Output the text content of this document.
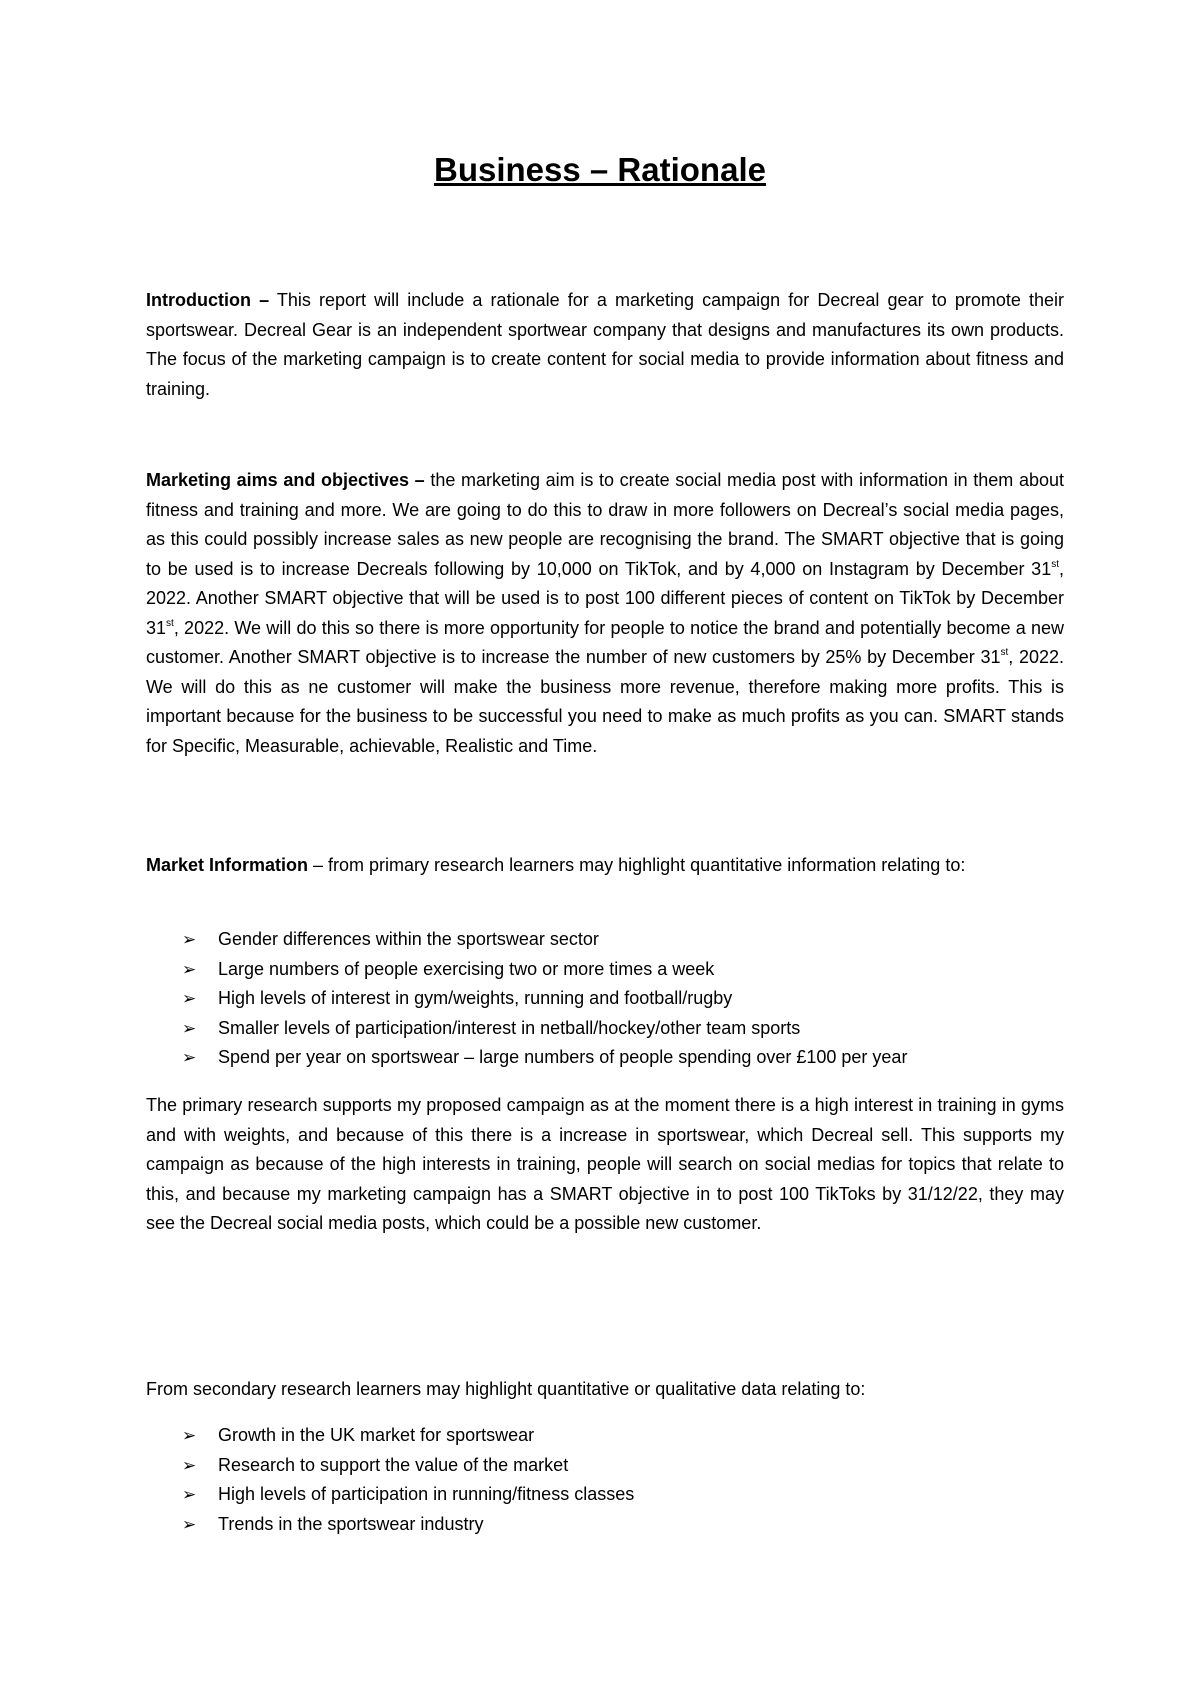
Business – Rationale

Introduction – This report will include a rationale for a marketing campaign for Decreal gear to promote their sportswear. Decreal Gear is an independent sportwear company that designs and manufactures its own products. The focus of the marketing campaign is to create content for social media to provide information about fitness and training.

Marketing aims and objectives – the marketing aim is to create social media post with information in them about fitness and training and more. We are going to do this to draw in more followers on Decreal’s social media pages, as this could possibly increase sales as new people are recognising the brand. The SMART objective that is going to be used is to increase Decreals following by 10,000 on TikTok, and by 4,000 on Instagram by December 31st, 2022. Another SMART objective that will be used is to post 100 different pieces of content on TikTok by December 31st, 2022. We will do this so there is more opportunity for people to notice the brand and potentially become a new customer. Another SMART objective is to increase the number of new customers by 25% by December 31st, 2022. We will do this as ne customer will make the business more revenue, therefore making more profits. This is important because for the business to be successful you need to make as much profits as you can. SMART stands for Specific, Measurable, achievable, Realistic and Time.

Market Information – from primary research learners may highlight quantitative information relating to:

➢ Gender differences within the sportswear sector
➢ Large numbers of people exercising two or more times a week
➢ High levels of interest in gym/weights, running and football/rugby
➢ Smaller levels of participation/interest in netball/hockey/other team sports
➢ Spend per year on sportswear – large numbers of people spending over £100 per year

The primary research supports my proposed campaign as at the moment there is a high interest in training in gyms and with weights, and because of this there is a increase in sportswear, which Decreal sell. This supports my campaign as because of the high interests in training, people will search on social medias for topics that relate to this, and because my marketing campaign has a SMART objective in to post 100 TikToks by 31/12/22, they may see the Decreal social media posts, which could be a possible new customer.

From secondary research learners may highlight quantitative or qualitative data relating to:

➢ Growth in the UK market for sportswear
➢ Research to support the value of the market
➢ High levels of participation in running/fitness classes
➢ Trends in the sportswear industry
